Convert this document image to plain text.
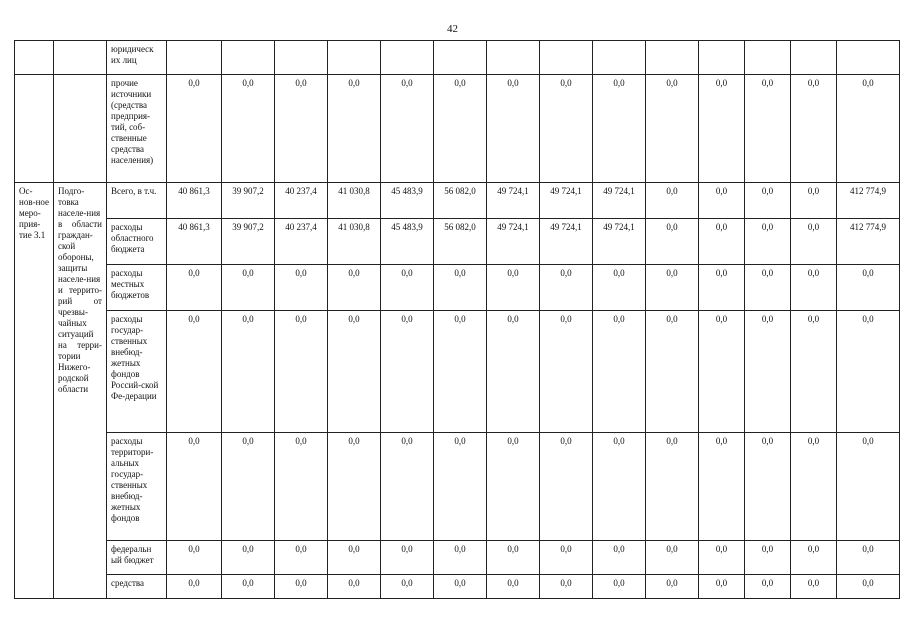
42
		юридическ их лиц														
		прочие источники (средства предприя-тий, соб-ственные средства населения)	0,0	0,0	0,0	0,0	0,0	0,0	0,0	0,0	0,0	0,0	0,0	0,0	0,0	0,0
Ос-нов-ное меро-прия-тие 3.1	Подго-товка населе-ния в области граждан-ской обороны, защиты населе-ния и террито-рий от чрезвы-чайных ситуаций на терри-тории Нижего-родской области	Всего, в т.ч.	40 861,3	39 907,2	40 237,4	41 030,8	45 483,9	56 082,0	49 724,1	49 724,1	49 724,1	0,0	0,0	0,0	0,0	412 774,9
		расходы областного бюджета	40 861,3	39 907,2	40 237,4	41 030,8	45 483,9	56 082,0	49 724,1	49 724,1	49 724,1	0,0	0,0	0,0	0,0	412 774,9
		расходы местных бюджетов	0,0	0,0	0,0	0,0	0,0	0,0	0,0	0,0	0,0	0,0	0,0	0,0	0,0	0,0
		расходы государ-ственных внебюд-жетных фондов Россий-ской Фе-дерации	0,0	0,0	0,0	0,0	0,0	0,0	0,0	0,0	0,0	0,0	0,0	0,0	0,0	0,0
		расходы территори-альных государ-ственных внебюд-жетных фондов	0,0	0,0	0,0	0,0	0,0	0,0	0,0	0,0	0,0	0,0	0,0	0,0	0,0	0,0
		федеральн ый бюджет	0,0	0,0	0,0	0,0	0,0	0,0	0,0	0,0	0,0	0,0	0,0	0,0	0,0	0,0
		средства	0,0	0,0	0,0	0,0	0,0	0,0	0,0	0,0	0,0	0,0	0,0	0,0	0,0	0,0
